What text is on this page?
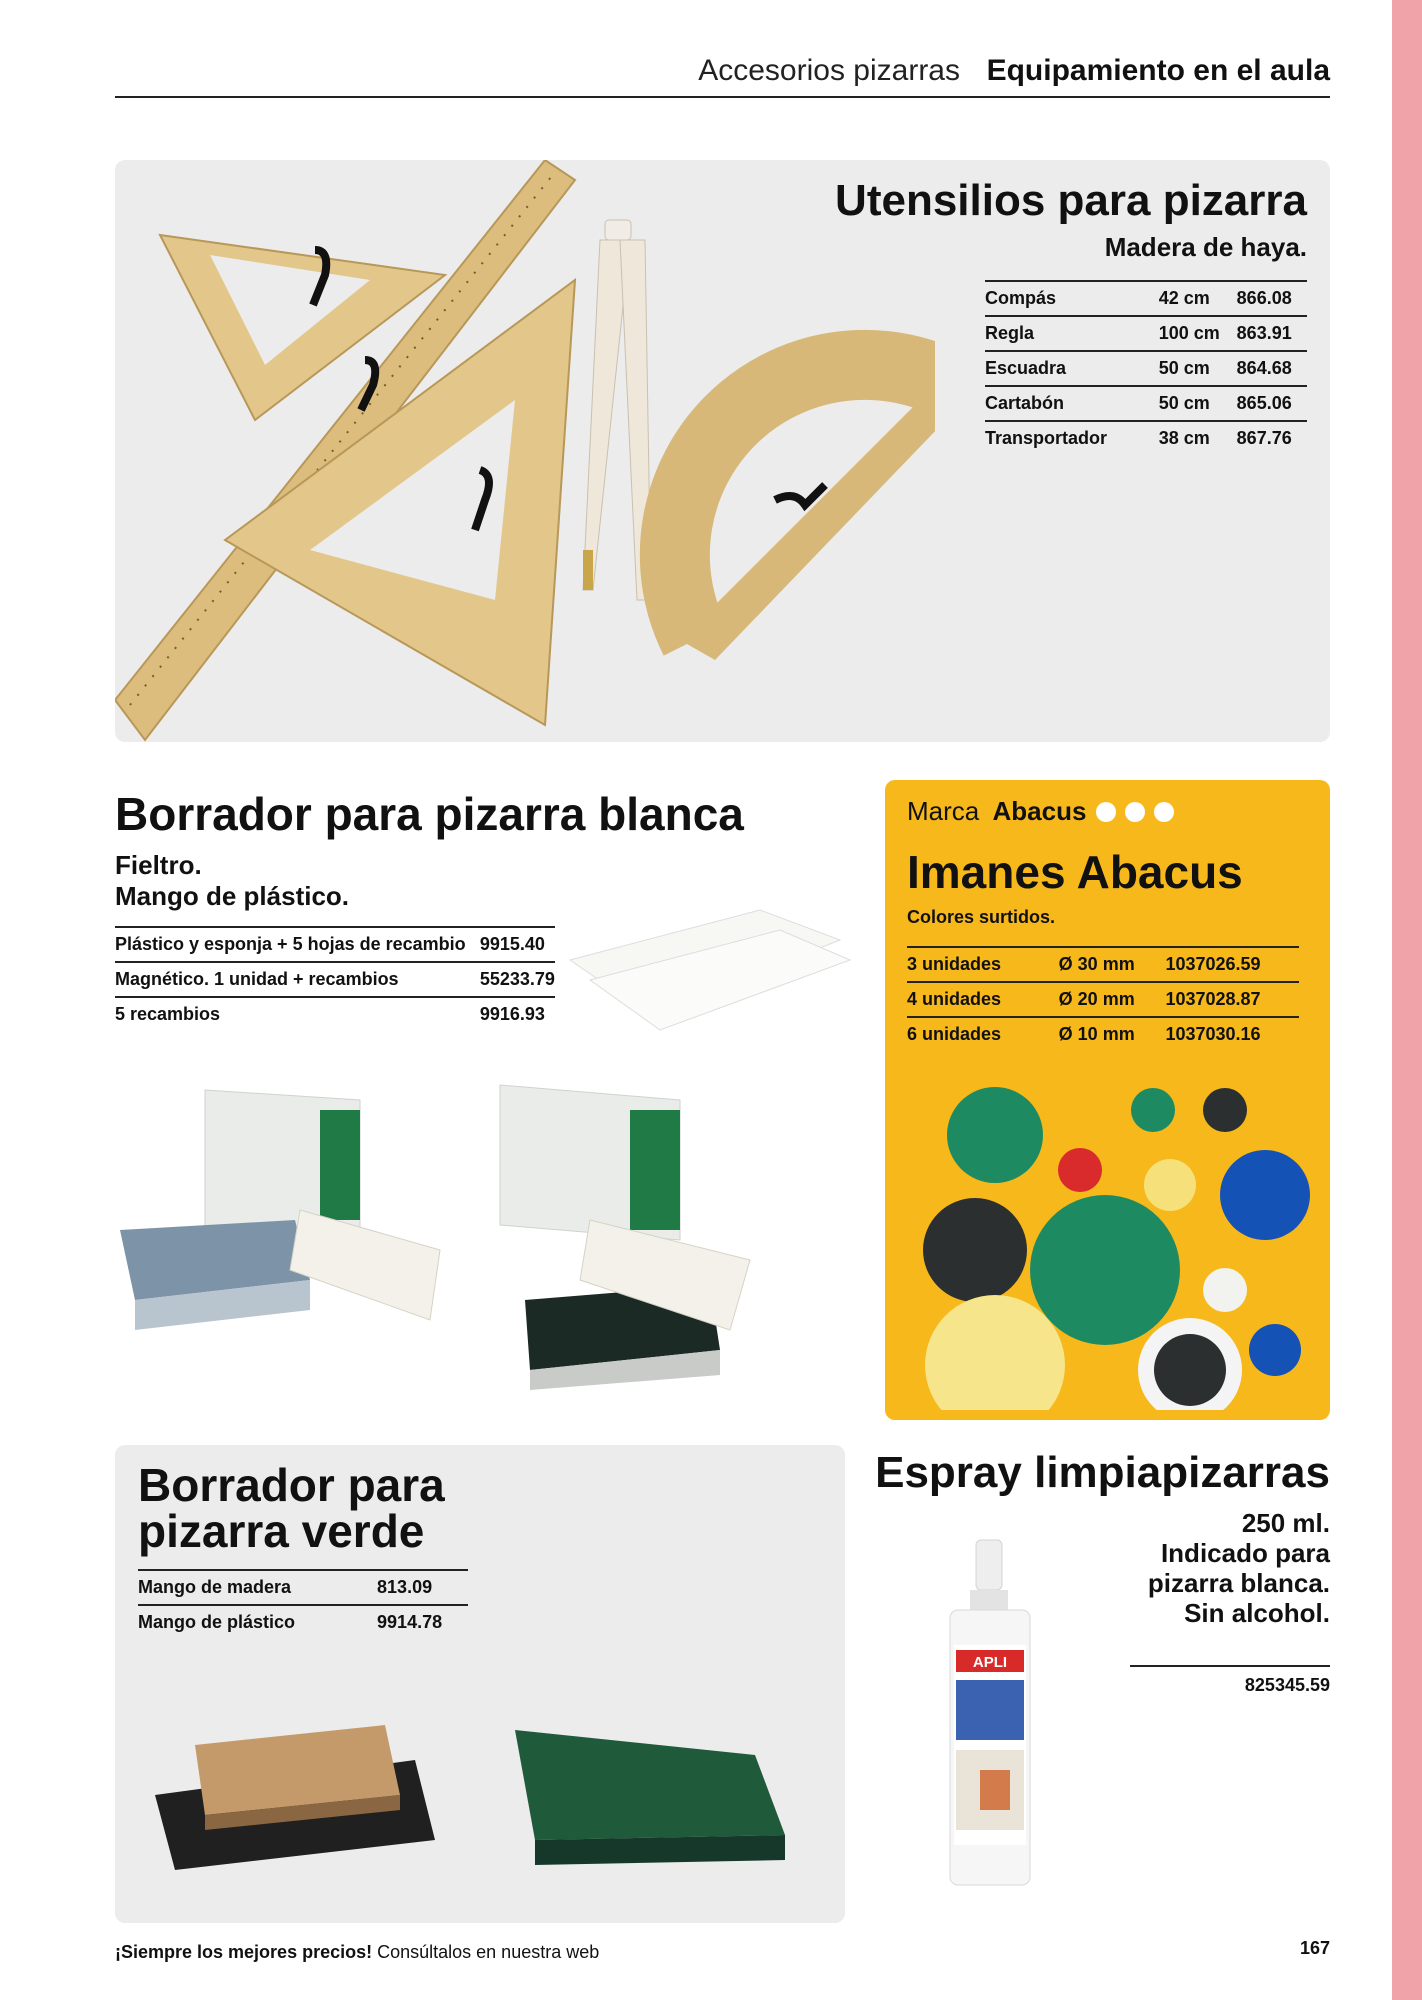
Accesorios pizarras Equipamiento en el aula
Utensilios para pizarra
Madera de haya.
Compás	42 cm	866.08
Regla	100 cm	863.91
Escuadra	50 cm	864.68
Cartabón	50 cm	865.06
Transportador	38 cm	867.76
Borrador para pizarra blanca
Fieltro.
Mango de plástico.
Plástico y esponja + 5 hojas de recambio	9915.40
Magnético. 1 unidad + recambios	55233.79
5 recambios	9916.93
Marca Abacus
Imanes Abacus
Colores surtidos.
3 unidades	Ø 30 mm	1037026.59
4 unidades	Ø 20 mm	1037028.87
6 unidades	Ø 10 mm	1037030.16
Borrador para
pizarra verde
Mango de madera	813.09
Mango de plástico	9914.78
Espray limpiapizarras
250 ml.
Indicado para
pizarra blanca.
Sin alcohol.
825345.59
APLI
¡Siempre los mejores precios! Consúltalos en nuestra web	167
